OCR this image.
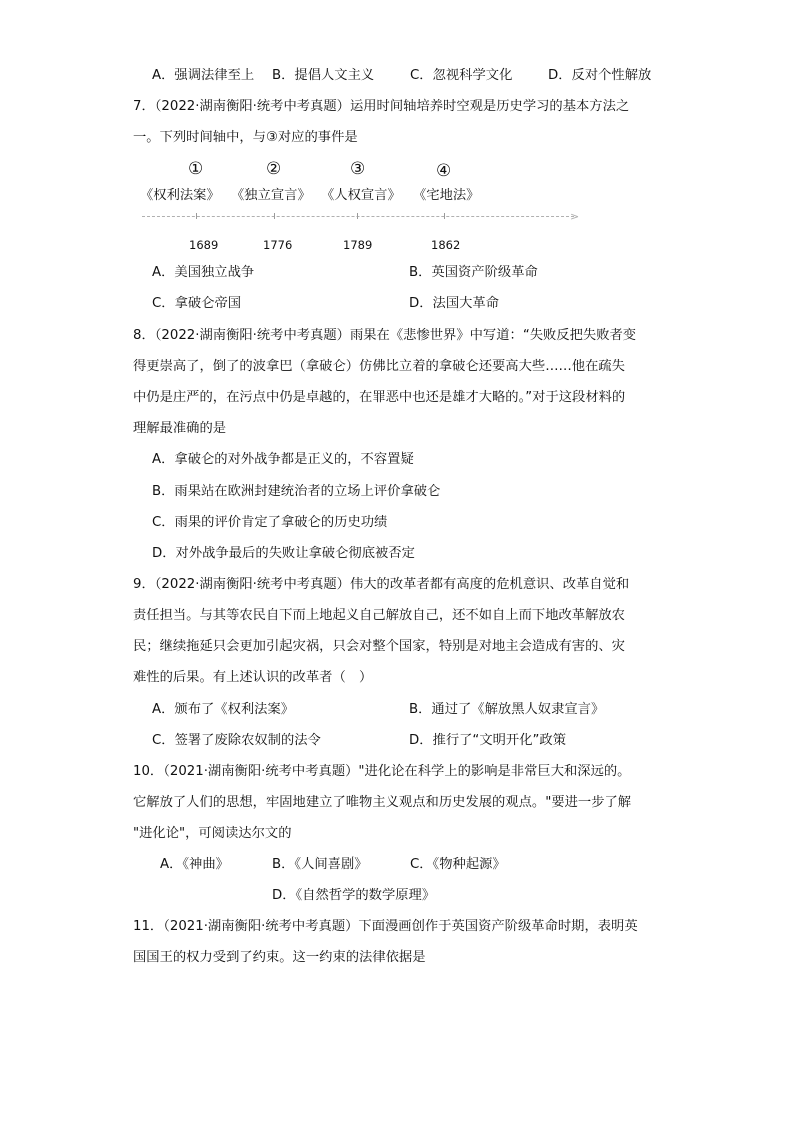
A．强调法律至上 B．提倡人文主义	C．忽视科学文化	D．反对个性解放
7．（2022·湖南衡阳·统考中考真题）运用时间轴培养时空观是历史学习的基本方法之
一。下列时间轴中，与③对应的事件是
①	②	③	④
《权利法案》 《独立宣言》 《人权宣言》 《宅地法》
>
1689	1776	1789	1862
A．美国独立战争	B．英国资产阶级革命
C．拿破仑帝国	D．法国大革命
8．（2022·湖南衡阳·统考中考真题）雨果在《悲惨世界》中写道：“失败反把失败者变
得更崇高了，倒了的波拿巴（拿破仑）仿佛比立着的拿破仑还要高大些……他在疏失
中仍是庄严的，在污点中仍是卓越的，在罪恶中也还是雄才大略的。”对于这段材料的
理解最准确的是
A．拿破仑的对外战争都是正义的，不容置疑
B．雨果站在欧洲封建统治者的立场上评价拿破仑
C．雨果的评价肯定了拿破仑的历史功绩
D．对外战争最后的失败让拿破仑彻底被否定
9．（2022·湖南衡阳·统考中考真题）伟大的改革者都有高度的危机意识、改革自觉和
责任担当。与其等农民自下而上地起义自己解放自己，还不如自上而下地改革解放农
民；继续拖延只会更加引起灾祸，只会对整个国家，特别是对地主会造成有害的、灾
难性的后果。有上述认识的改革者（　）
A．颁布了《权利法案》	B．通过了《解放黑人奴隶宣言》
C．签署了废除农奴制的法令	D．推行了“文明开化”政策
10．（2021·湖南衡阳·统考中考真题）"进化论在科学上的影响是非常巨大和深远的。
它解放了人们的思想，牢固地建立了唯物主义观点和历史发展的观点。"要进一步了解
"进化论"，可阅读达尔文的
A．《神曲》	B．《人间喜剧》	C．《物种起源》
D．《自然哲学的数学原理》
11．（2021·湖南衡阳·统考中考真题）下面漫画创作于英国资产阶级革命时期，表明英
国国王的权力受到了约束。这一约束的法律依据是
